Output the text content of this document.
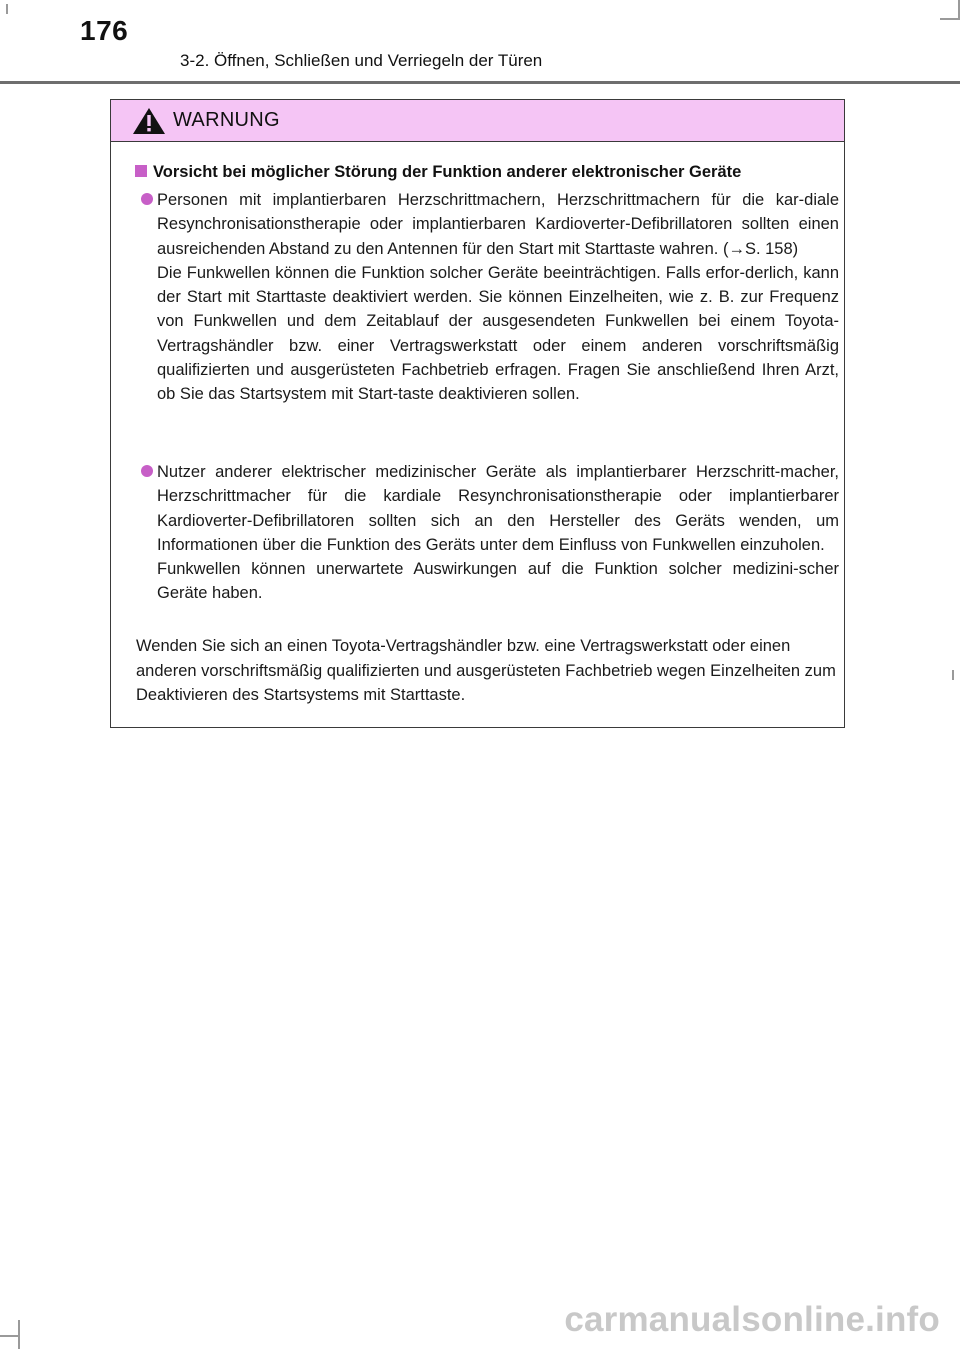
176
3-2. Öffnen, Schließen und Verriegeln der Türen
WARNUNG
Vorsicht bei möglicher Störung der Funktion anderer elektronischer Geräte

Personen mit implantierbaren Herzschrittmachern, Herzschrittmachern für die kar-diale Resynchronisationstherapie oder implantierbaren Kardioverter-Defibrillatoren sollten einen ausreichenden Abstand zu den Antennen für den Start mit Starttaste wahren. (→S. 158)

Die Funkwellen können die Funktion solcher Geräte beeinträchtigen. Falls erfor-derlich, kann der Start mit Starttaste deaktiviert werden. Sie können Einzelheiten, wie z. B. zur Frequenz von Funkwellen und dem Zeitablauf der ausgesendeten Funkwellen bei einem Toyota-Vertragshändler bzw. einer Vertragswerkstatt oder einem anderen vorschriftsmäßig qualifizierten und ausgerüsteten Fachbetrieb erfragen. Fragen Sie anschließend Ihren Arzt, ob Sie das Startsystem mit Start-taste deaktivieren sollen.

Nutzer anderer elektrischer medizinischer Geräte als implantierbarer Herzschritt-macher, Herzschrittmacher für die kardiale Resynchronisationstherapie oder implantierbarer Kardioverter-Defibrillatoren sollten sich an den Hersteller des Geräts wenden, um Informationen über die Funktion des Geräts unter dem Einfluss von Funkwellen einzuholen.

Funkwellen können unerwartete Auswirkungen auf die Funktion solcher medizini-scher Geräte haben.

Wenden Sie sich an einen Toyota-Vertragshändler bzw. eine Vertragswerkstatt oder einen anderen vorschriftsmäßig qualifizierten und ausgerüsteten Fachbetrieb wegen Einzelheiten zum Deaktivieren des Startsystems mit Starttaste.
carmanualsonline.info
